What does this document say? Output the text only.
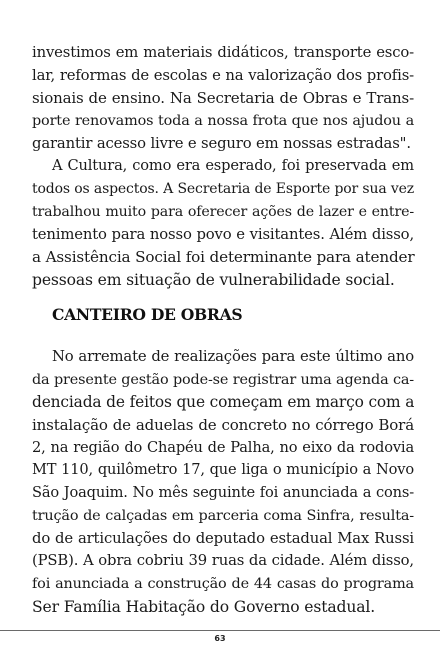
investimos em materiais didáticos, transporte esco-
lar, reformas de escolas e na valorização dos profis-
sionais de ensino. Na Secretaria de Obras e Trans-
porte renovamos toda a nossa frota que nos ajudou a
garantir acesso livre e seguro em nossas estradas".
A Cultura, como era esperado, foi preservada em
todos os aspectos. A Secretaria de Esporte por sua vez
trabalhou muito para oferecer ações de lazer e entre-
tenimento para nosso povo e visitantes. Além disso,
a Assistência Social foi determinante para atender
pessoas em situação de vulnerabilidade social.
CANTEIRO DE OBRAS
No arremate de realizações para este último ano
da presente gestão pode-se registrar uma agenda ca-
denciada de feitos que começam em março com a
instalação de aduelas de concreto no córrego Borá
2, na região do Chapéu de Palha, no eixo da rodovia
MT 110, quilômetro 17, que liga o município a Novo
São Joaquim. No mês seguinte foi anunciada a cons-
trução de calçadas em parceria coma Sinfra, resulta-
do de articulações do deputado estadual Max Russi
(PSB). A obra cobriu 39 ruas da cidade. Além disso,
foi anunciada a construção de 44 casas do programa
Ser Família Habitação do Governo estadual.
63
